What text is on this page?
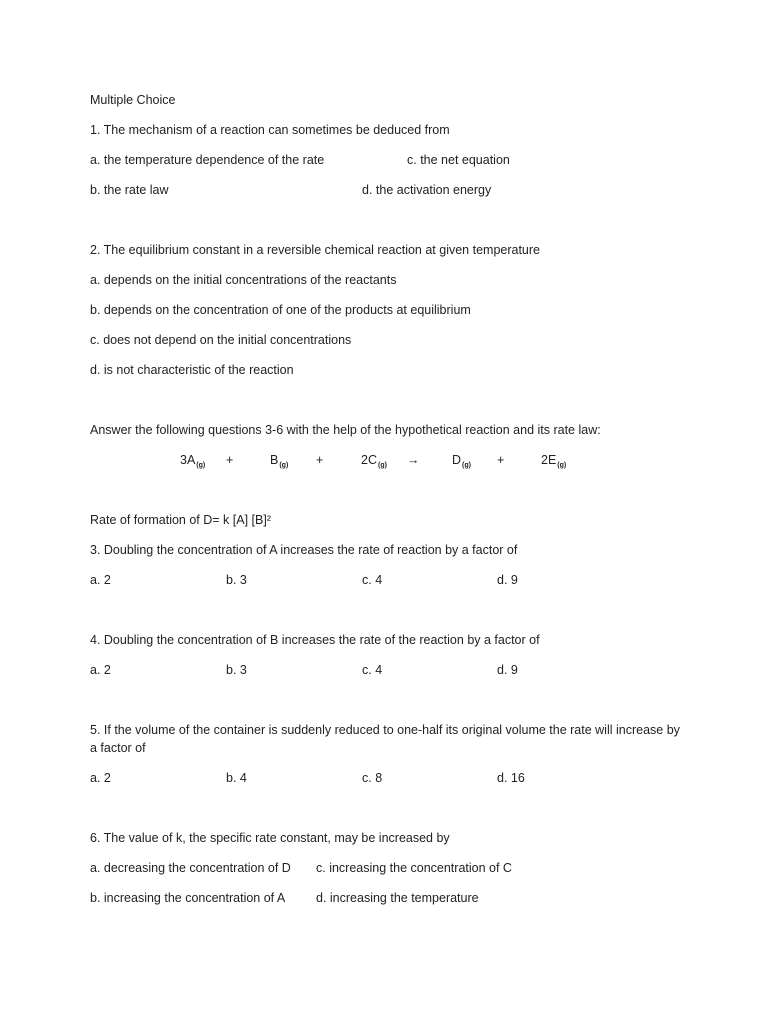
Multiple Choice
1. The mechanism of a reaction can sometimes be deduced from
a. the temperature dependence of the rate	c. the net equation
b. the rate law	d. the activation energy
2. The equilibrium constant in a reversible chemical reaction at given temperature
a. depends on the initial concentrations of the reactants
b. depends on the concentration of one of the products at equilibrium
c. does not depend on the initial concentrations
d. is not characteristic of the reaction
Answer the following questions 3-6 with the help of the hypothetical reaction and its rate law:
$3A_{(g)}$ +	$B_{(g)}$ +	$2C_{(g)}$ →	$D_{(g)}$ +	$2E_{(g)}$
Rate of formation of D= k [A] [B]²
3. Doubling the concentration of A increases the rate of reaction by a factor of
a. 2	b. 3	c. 4	d. 9
4. Doubling the concentration of B increases the rate of the reaction by a factor of
a. 2	b. 3	c. 4	d. 9
5. If the volume of the container is suddenly reduced to one-half its original volume the rate will increase by a factor of
a. 2	b. 4	c. 8	d. 16
6. The value of k, the specific rate constant, may be increased by
a. decreasing the concentration of D c. increasing the concentration of C
b. increasing the concentration of A d. increasing the temperature
